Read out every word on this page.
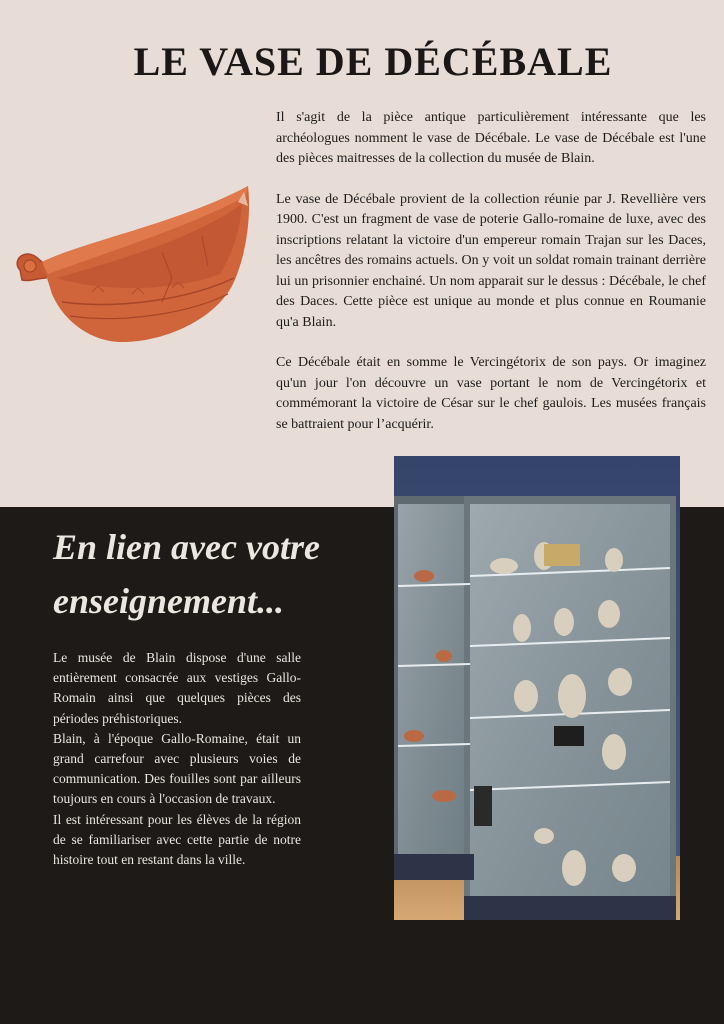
LE VASE DE DÉCÉBALE

Il s'agit de la pièce antique particulièrement intéressante que les archéologues nomment le vase de Décébale. Le vase de Décébale est l'une des pièces maitresses de la collection du musée de Blain.

Le vase de Décébale provient de la collection réunie par J. Revellière vers 1900. C'est un fragment de vase de poterie Gallo-romaine de luxe, avec des inscriptions relatant la victoire d'un empereur romain Trajan sur les Daces, les ancêtres des romains actuels. On y voit un soldat romain trainant derrière lui un prisonnier enchainé. Un nom apparait sur le dessus : Décébale, le chef des Daces. Cette pièce est unique au monde et plus connue en Roumanie qu'a Blain.

Ce Décébale était en somme le Vercingétorix de son pays. Or imaginez qu'un jour l'on découvre un vase portant le nom de Vercingétorix et commémorant la victoire de César sur le chef gaulois. Les musées français se battraient pour l’acquérir.

En lien avec votre enseignement...

Le musée de Blain dispose d'une salle entièrement consacrée aux vestiges Gallo-Romain ainsi que quelques pièces des périodes préhistoriques.

Blain, à l'époque Gallo-Romaine, était un grand carrefour avec plusieurs voies de communication. Des fouilles sont par ailleurs toujours en cours à l'occasion de travaux.

Il est intéressant pour les élèves de la région de se familiariser avec cette partie de notre histoire tout en restant dans la ville.
